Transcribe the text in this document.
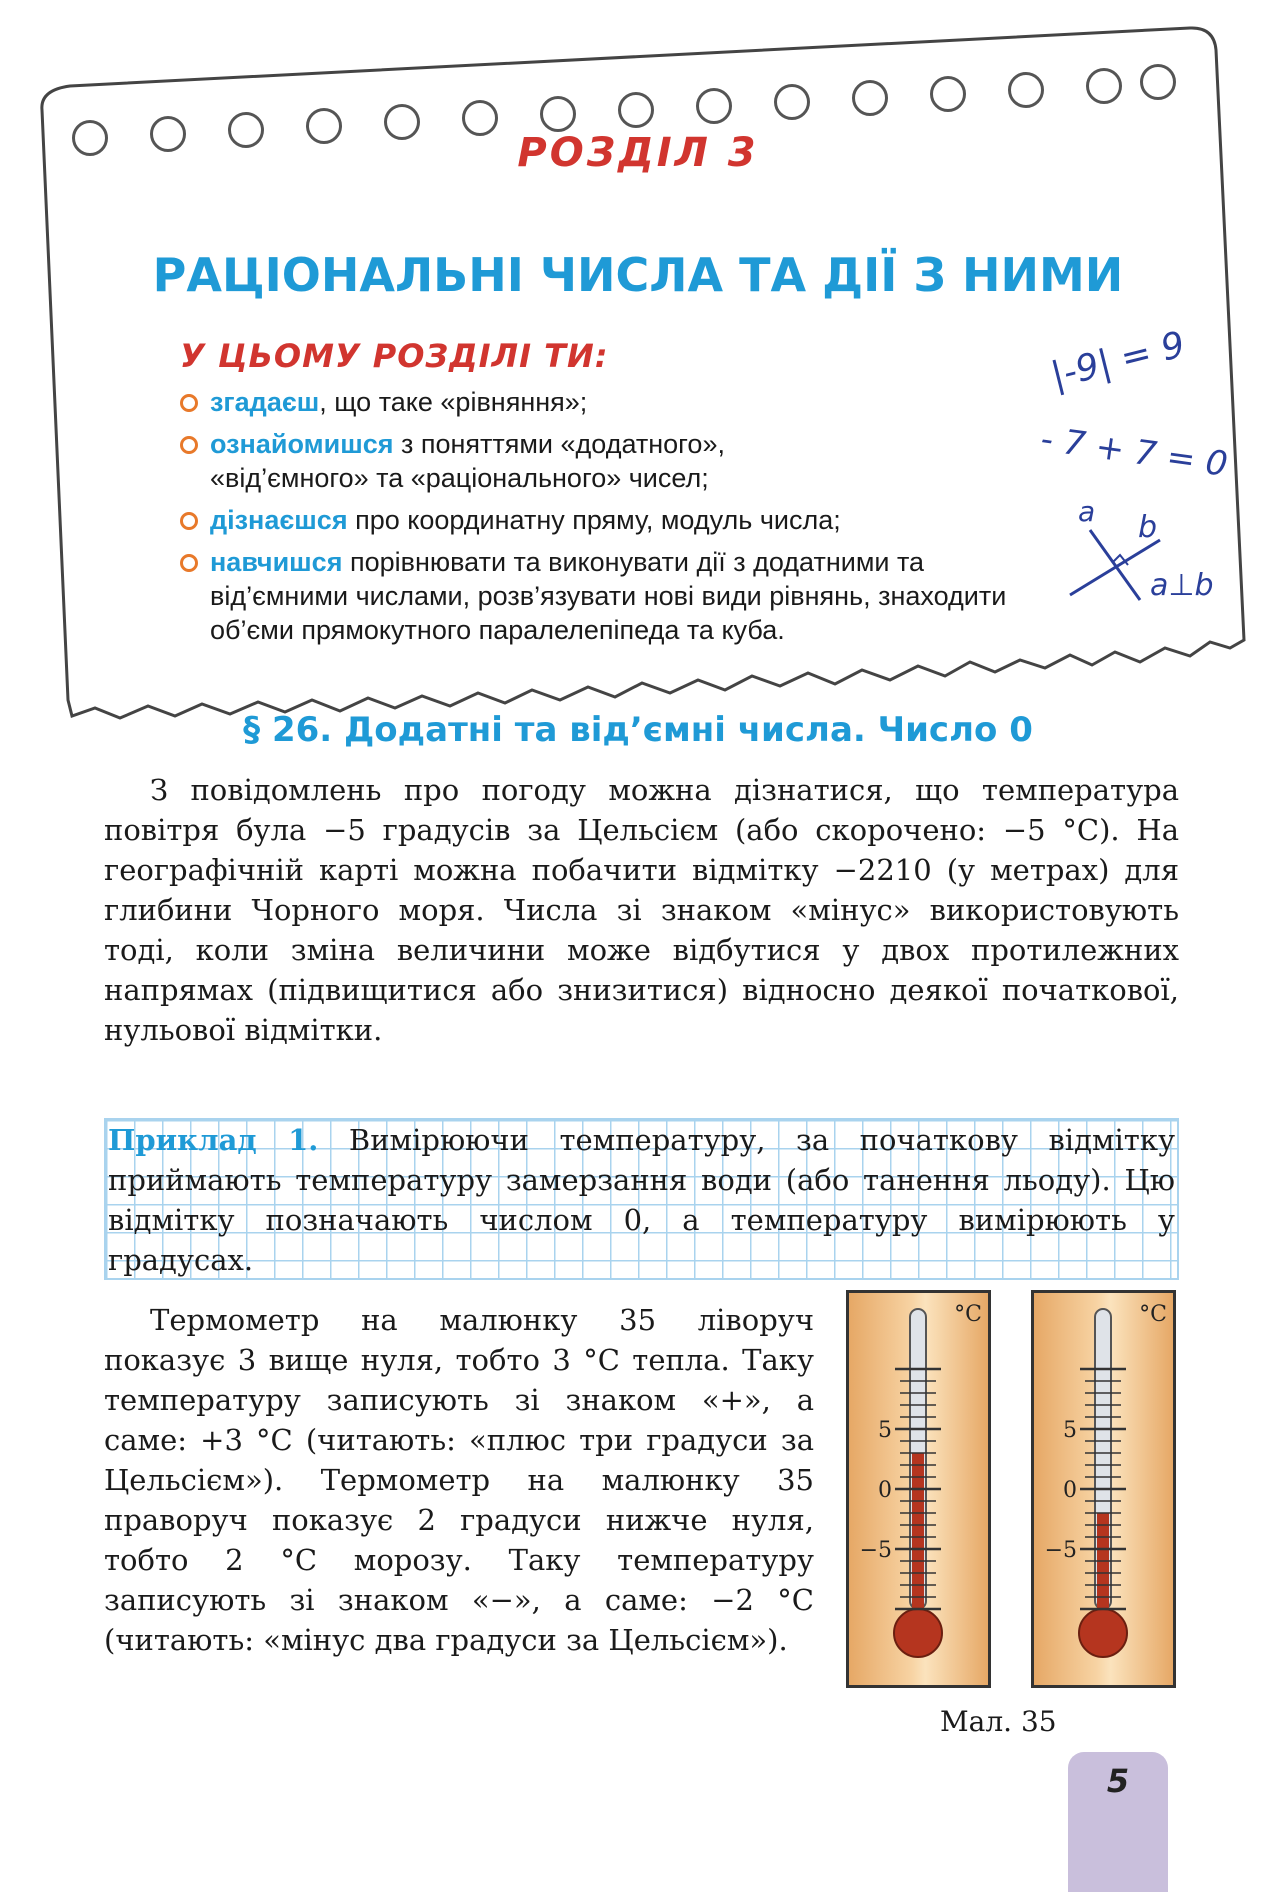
РОЗДІЛ 3
РАЦІОНАЛЬНІ ЧИСЛА ТА ДІЇ З НИМИ
У ЦЬОМУ РОЗДІЛІ ТИ:
згадаєш, що таке «рівняння»;
ознайомишся з поняттями «додатного», «від’ємного» та «раціонального» чисел;
дізнаєшся про координатну пряму, модуль числа;
навчишся порівнювати та виконувати дії з додатними та від’ємними числами, розв’язувати нові види рівнянь, знаходити об’єми прямокутного паралелепіпеда та куба.
|-9| = 9
- 7 + 7 = 0
a b
a⊥b
§ 26. Додатні та від’ємні числа. Число 0

З повідомлень про погоду можна дізнатися, що температура повітря була −5 градусів за Цельсієм (або скорочено: −5 °С). На географічній карті можна побачити відмітку −2210 (у метрах) для глибини Чорного моря. Числа зі знаком «мінус» використовують тоді, коли зміна величини може відбутися у двох протилежних напрямах (підвищитися або знизитися) відносно деякої початкової, нульової відмітки.

Приклад 1. Вимірюючи температуру, за початкову відмітку приймають температуру замерзання води (або танення льоду). Цю відмітку позначають числом 0, а температуру вимірюють у градусах.

Термометр на малюнку 35 ліворуч показує 3 вище нуля, тобто 3 °С тепла. Таку температуру записують зі знаком «+», а саме: +3 °С (читають: «плюс три градуси за Цельсієм»). Термометр на малюнку 35 праворуч показує 2 градуси нижче нуля, тобто 2 °С морозу. Таку температуру записують зі знаком «−», а саме: −2 °С (читають: «мінус два градуси за Цельсієм»).

5
0
−5
°С
5
0
−5
°С
Мал. 35
5
